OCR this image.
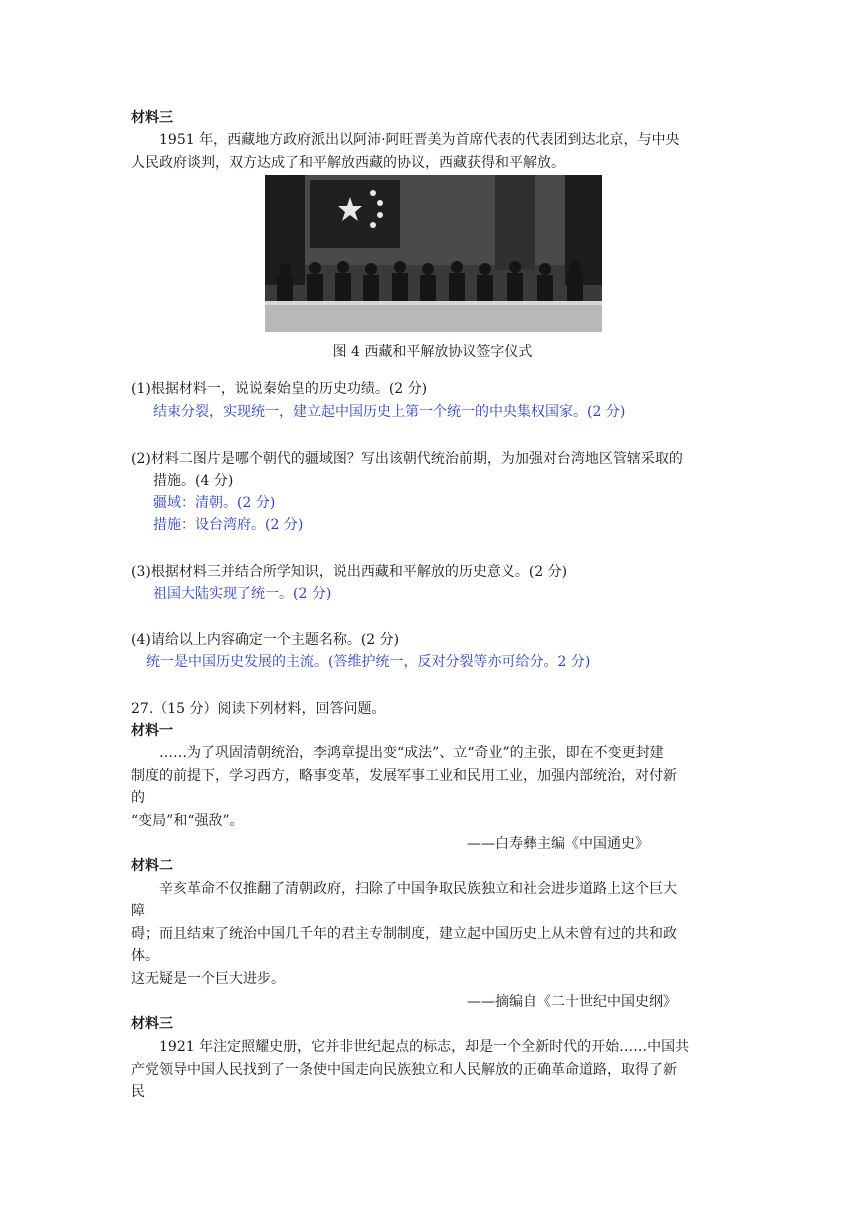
材料三
1951 年，西藏地方政府派出以阿沛·阿旺晋美为首席代表的代表团到达北京，与中央
人民政府谈判，双方达成了和平解放西藏的协议，西藏获得和平解放。
图 4 西藏和平解放协议签字仪式
(1)根据材料一，说说秦始皇的历史功绩。(2 分)
结束分裂，实现统一，建立起中国历史上第一个统一的中央集权国家。(2 分)
(2)材料二图片是哪个朝代的疆域图？写出该朝代统治前期，为加强对台湾地区管辖采取的
措施。(4 分)
疆域：清朝。(2 分)
措施：设台湾府。(2 分)
(3)根据材料三并结合所学知识，说出西藏和平解放的历史意义。(2 分)
祖国大陆实现了统一。(2 分)
(4)请给以上内容确定一个主题名称。(2 分)
统一是中国历史发展的主流。(答维护统一，反对分裂等亦可给分。2 分)
27.（15 分）阅读下列材料，回答问题。
材料一
……为了巩固清朝统治，李鸿章提出变“成法”、立“奇业”的主张，即在不变更封建
制度的前提下，学习西方，略事变革，发展军事工业和民用工业，加强内部统治，对付新
的
“变局”和“强敌”。
——白寿彝主编《中国通史》
材料二
辛亥革命不仅推翻了清朝政府，扫除了中国争取民族独立和社会进步道路上这个巨大
障
碍；而且结束了统治中国几千年的君主专制制度，建立起中国历史上从未曾有过的共和政
体。
这无疑是一个巨大进步。
——摘编自《二十世纪中国史纲》
材料三
1921 年注定照耀史册，它并非世纪起点的标志，却是一个全新时代的开始……中国共
产党领导中国人民找到了一条使中国走向民族独立和人民解放的正确革命道路，取得了新
民
